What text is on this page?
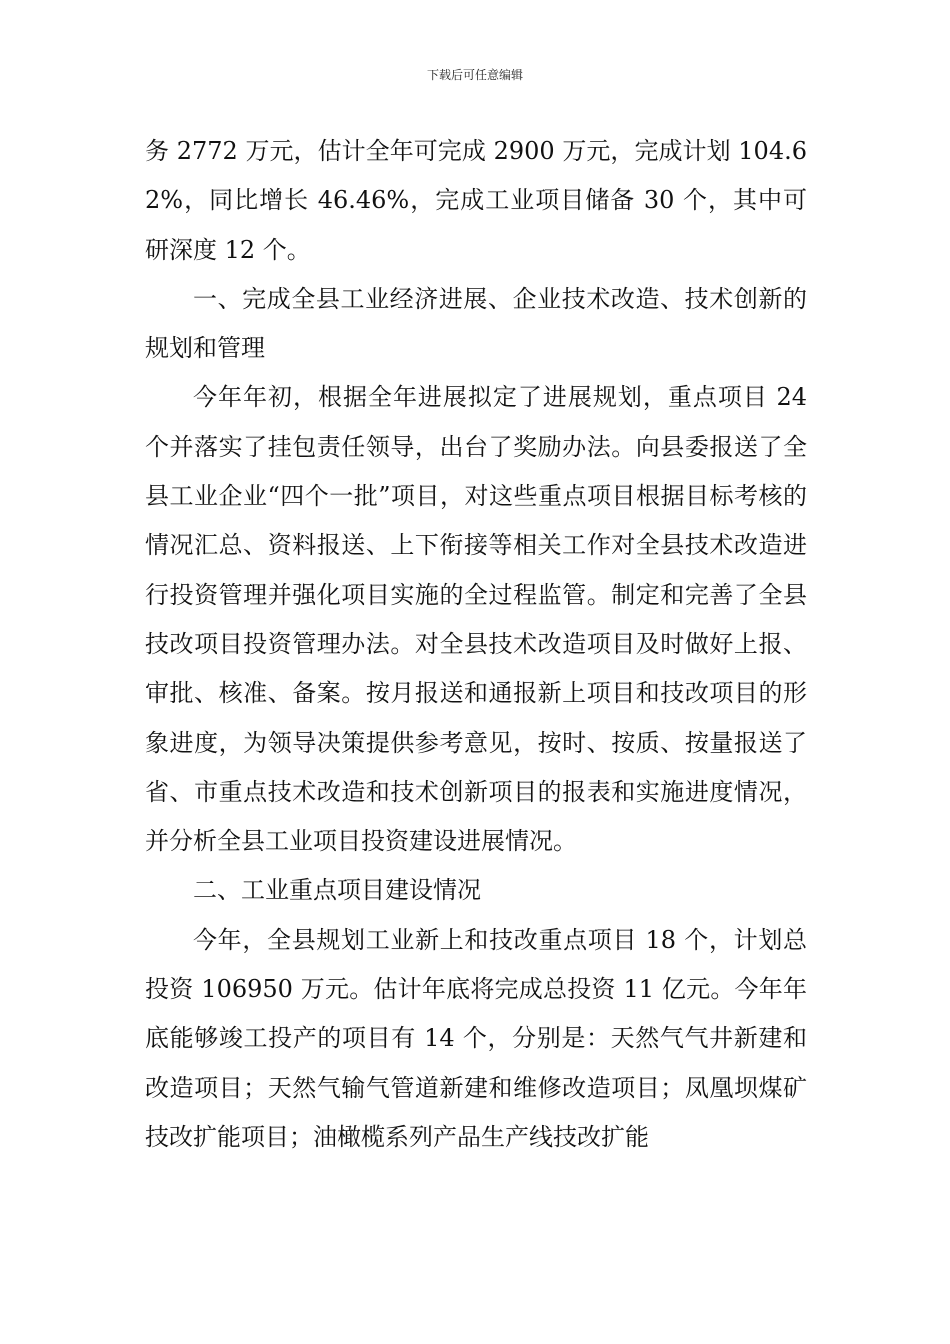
下载后可任意编辑

务 2772 万元，估计全年可完成 2900 万元，完成计划 104.62%，同比增长 46.46%，完成工业项目储备 30 个，其中可研深度 12 个。

一、完成全县工业经济进展、企业技术改造、技术创新的规划和管理

今年年初，根据全年进展拟定了进展规划，重点项目 24 个并落实了挂包责任领导，出台了奖励办法。向县委报送了全县工业企业“四个一批”项目，对这些重点项目根据目标考核的情况汇总、资料报送、上下衔接等相关工作对全县技术改造进行投资管理并强化项目实施的全过程监管。制定和完善了全县技改项目投资管理办法。对全县技术改造项目及时做好上报、审批、核准、备案。按月报送和通报新上项目和技改项目的形象进度，为领导决策提供参考意见，按时、按质、按量报送了省、市重点技术改造和技术创新项目的报表和实施进度情况，并分析全县工业项目投资建设进展情况。

二、工业重点项目建设情况

今年，全县规划工业新上和技改重点项目 18 个，计划总投资 106950 万元。估计年底将完成总投资 11 亿元。今年年底能够竣工投产的项目有 14 个，分别是：天然气气井新建和改造项目；天然气输气管道新建和维修改造项目；凤凰坝煤矿技改扩能项目；油橄榄系列产品生产线技改扩能
